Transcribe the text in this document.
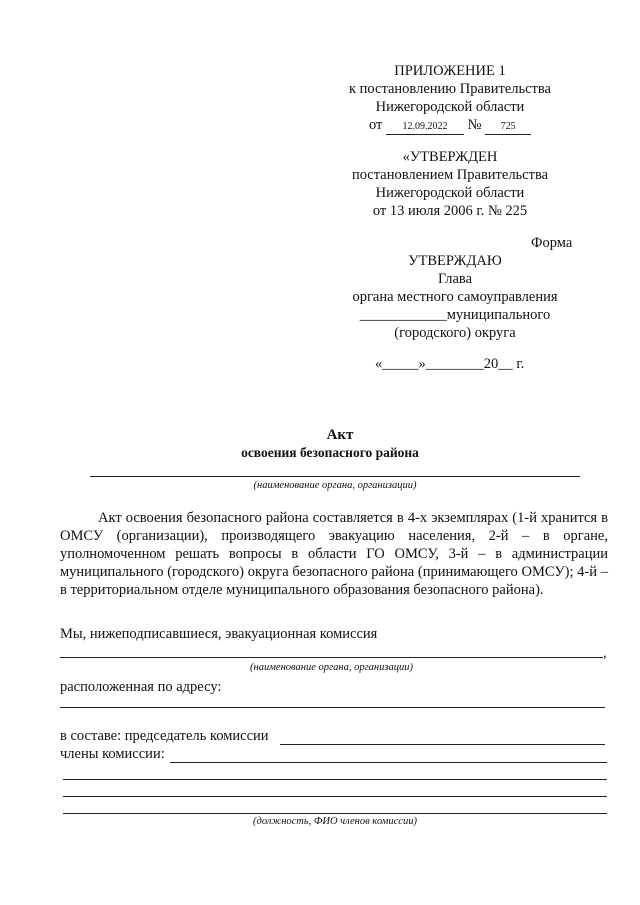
ПРИЛОЖЕНИЕ 1
к постановлению Правительства
Нижегородской области
от 12.09.2022 № 725
«УТВЕРЖДЕН
постановлением Правительства
Нижегородской области
от 13 июля 2006 г. № 225
Форма
УТВЕРЖДАЮ
Глава
органа местного самоуправления
____________муниципального
(городского) округа
«_____»________20__ г.
Акт
освоения безопасного района
(наименование органа, организации)
Акт освоения безопасного района составляется в 4-х экземплярах (1-й хранится в ОМСУ (организации), производящего эвакуацию населения, 2-й – в органе, уполномоченном решать вопросы в области ГО ОМСУ, 3-й – в администрации муниципального (городского) округа безопасного района (принимающего ОМСУ); 4-й – в территориальном отделе муниципального образования безопасного района).
Мы, нижеподписавшиеся, эвакуационная комиссия
,
(наименование органа, организации)
расположенная по адресу:
в составе: председатель комиссии
члены комиссии:
(должность, ФИО членов комиссии)
